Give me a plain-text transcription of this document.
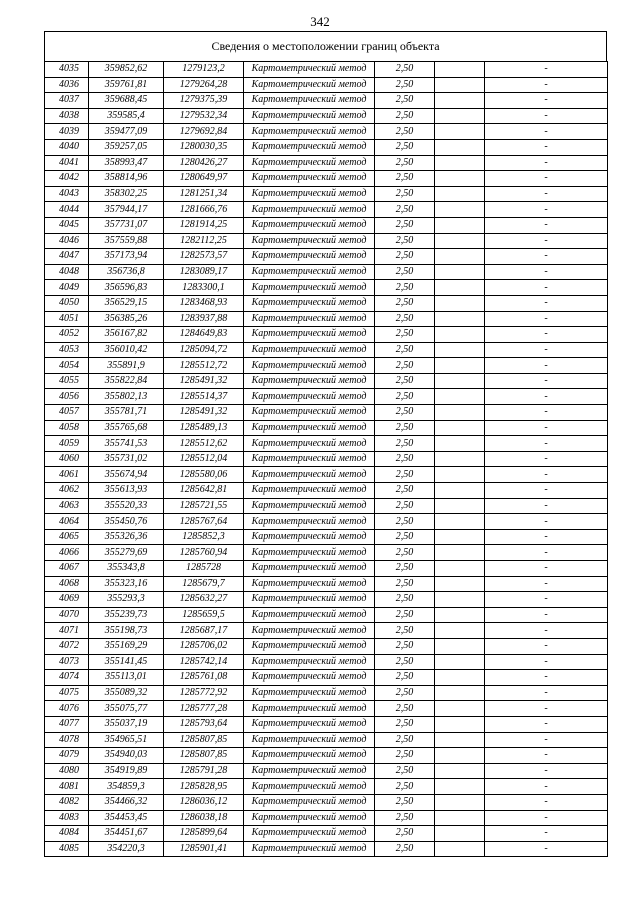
342
Сведения о местоположении границ объекта
4035	359852,62	1279123,2	Картометрический метод	2,50		-
4036	359761,81	1279264,28	Картометрический метод	2,50		-
4037	359688,45	1279375,39	Картометрический метод	2,50		-
4038	359585,4	1279532,34	Картометрический метод	2,50		-
4039	359477,09	1279692,84	Картометрический метод	2,50		-
4040	359257,05	1280030,35	Картометрический метод	2,50		-
4041	358993,47	1280426,27	Картометрический метод	2,50		-
4042	358814,96	1280649,97	Картометрический метод	2,50		-
4043	358302,25	1281251,34	Картометрический метод	2,50		-
4044	357944,17	1281666,76	Картометрический метод	2,50		-
4045	357731,07	1281914,25	Картометрический метод	2,50		-
4046	357559,88	1282112,25	Картометрический метод	2,50		-
4047	357173,94	1282573,57	Картометрический метод	2,50		-
4048	356736,8	1283089,17	Картометрический метод	2,50		-
4049	356596,83	1283300,1	Картометрический метод	2,50		-
4050	356529,15	1283468,93	Картометрический метод	2,50		-
4051	356385,26	1283937,88	Картометрический метод	2,50		-
4052	356167,82	1284649,83	Картометрический метод	2,50		-
4053	356010,42	1285094,72	Картометрический метод	2,50		-
4054	355891,9	1285512,72	Картометрический метод	2,50		-
4055	355822,84	1285491,32	Картометрический метод	2,50		-
4056	355802,13	1285514,37	Картометрический метод	2,50		-
4057	355781,71	1285491,32	Картометрический метод	2,50		-
4058	355765,68	1285489,13	Картометрический метод	2,50		-
4059	355741,53	1285512,62	Картометрический метод	2,50		-
4060	355731,02	1285512,04	Картометрический метод	2,50		-
4061	355674,94	1285580,06	Картометрический метод	2,50		-
4062	355613,93	1285642,81	Картометрический метод	2,50		-
4063	355520,33	1285721,55	Картометрический метод	2,50		-
4064	355450,76	1285767,64	Картометрический метод	2,50		-
4065	355326,36	1285852,3	Картометрический метод	2,50		-
4066	355279,69	1285760,94	Картометрический метод	2,50		-
4067	355343,8	1285728	Картометрический метод	2,50		-
4068	355323,16	1285679,7	Картометрический метод	2,50		-
4069	355293,3	1285632,27	Картометрический метод	2,50		-
4070	355239,73	1285659,5	Картометрический метод	2,50		-
4071	355198,73	1285687,17	Картометрический метод	2,50		-
4072	355169,29	1285706,02	Картометрический метод	2,50		-
4073	355141,45	1285742,14	Картометрический метод	2,50		-
4074	355113,01	1285761,08	Картометрический метод	2,50		-
4075	355089,32	1285772,92	Картометрический метод	2,50		-
4076	355075,77	1285777,28	Картометрический метод	2,50		-
4077	355037,19	1285793,64	Картометрический метод	2,50		-
4078	354965,51	1285807,85	Картометрический метод	2,50		-
4079	354940,03	1285807,85	Картометрический метод	2,50		-
4080	354919,89	1285791,28	Картометрический метод	2,50		-
4081	354859,3	1285828,95	Картометрический метод	2,50		-
4082	354466,32	1286036,12	Картометрический метод	2,50		-
4083	354453,45	1286038,18	Картометрический метод	2,50		-
4084	354451,67	1285899,64	Картометрический метод	2,50		-
4085	354220,3	1285901,41	Картометрический метод	2,50		-
